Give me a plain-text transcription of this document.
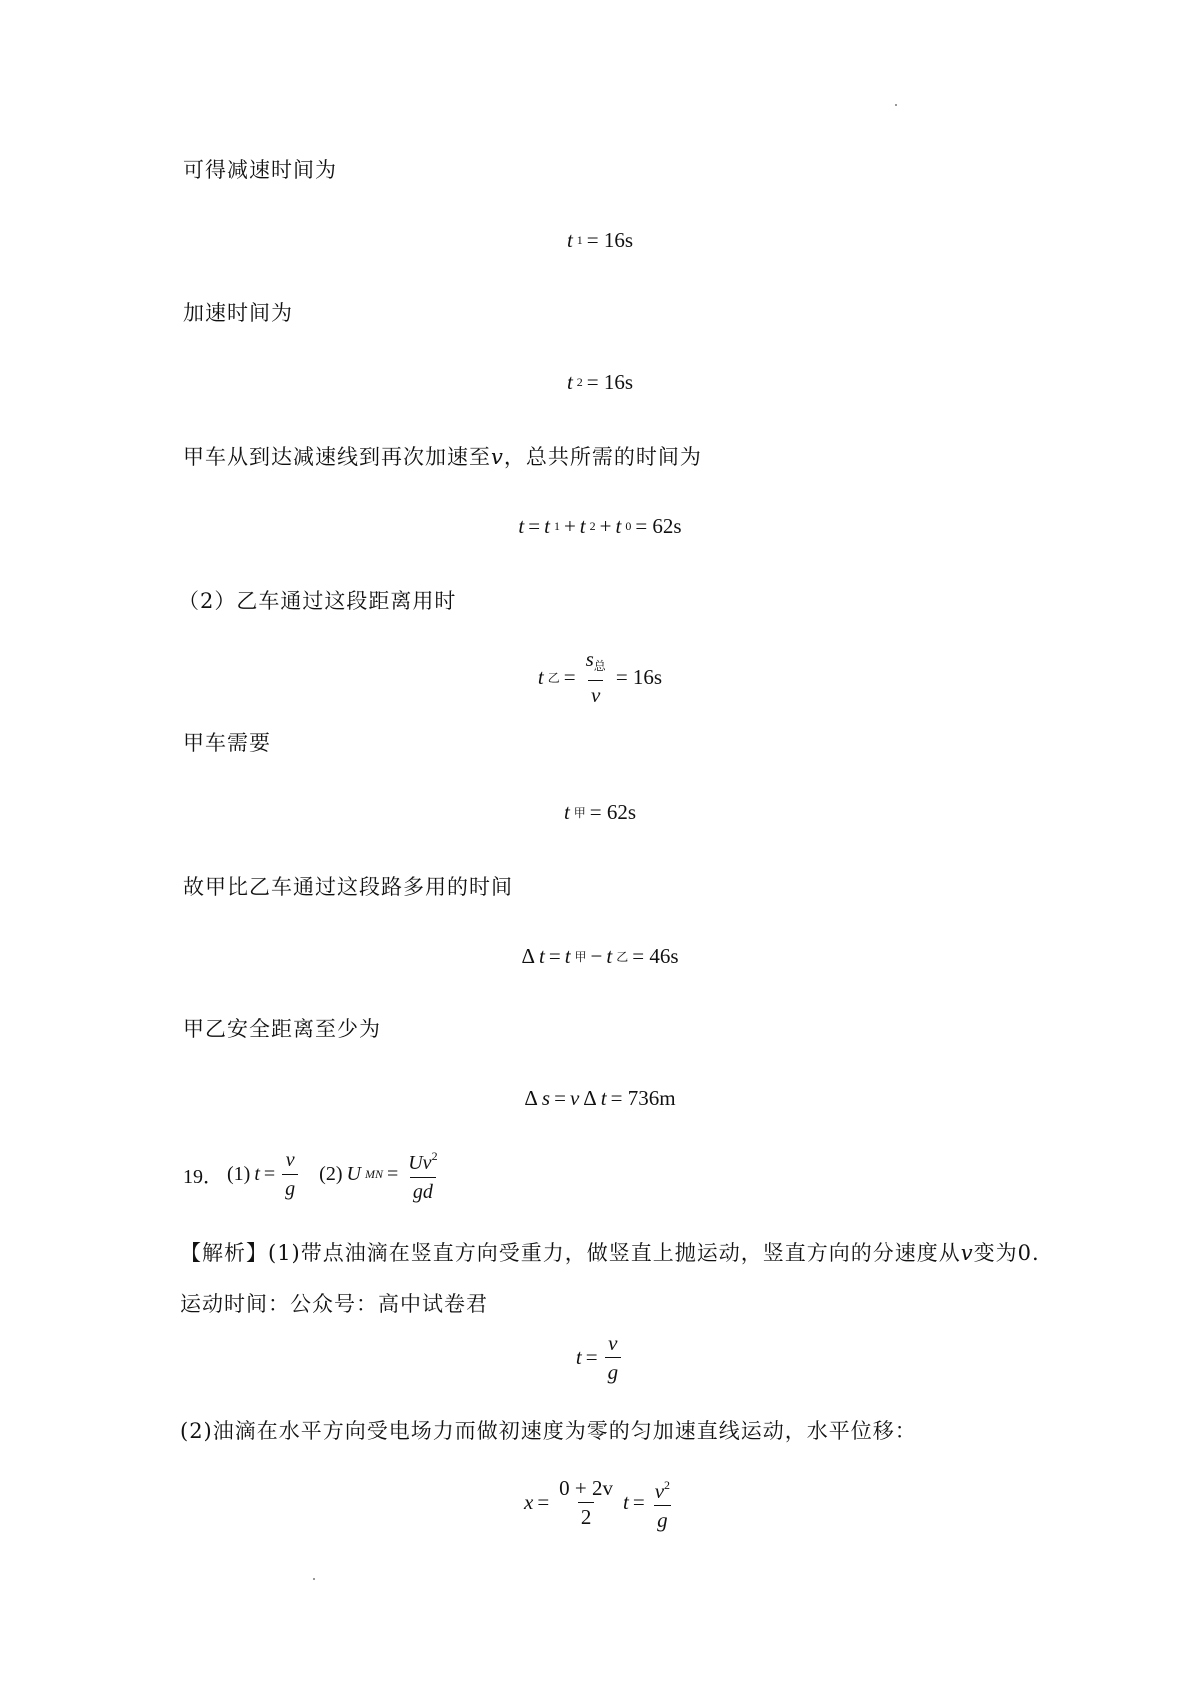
可得减速时间为
t 1 = 16s
加速时间为
t 2 = 16s
甲车从到达减速线到再次加速至v，总共所需的时间为
t = t 1 + t 2 + t 0 = 62s
（2）乙车通过这段距离用时
t 乙 = $\frac{s_总}{v} = 16s$
甲车需要
t 甲 = 62s
故甲比乙车通过这段路多用的时间
Δ t = t 甲 − t 乙 = 46s
甲乙安全距离至少为
Δ s = v Δ t = 736m
19． (1) $t = \frac{v}{g} (2)$ U MN = $\frac{Uv^2}{gd}$
【解析】(1)带点油滴在竖直方向受重力，做竖直上抛运动，竖直方向的分速度从v变为0. 运动时间：公众号：高中试卷君
$t = \frac{v}{g}$
(2)油滴在水平方向受电场力而做初速度为零的匀加速直线运动，水平位移：
$x = \frac{0 + 2v}{2}$ $t = \frac{v^2}{g}$
